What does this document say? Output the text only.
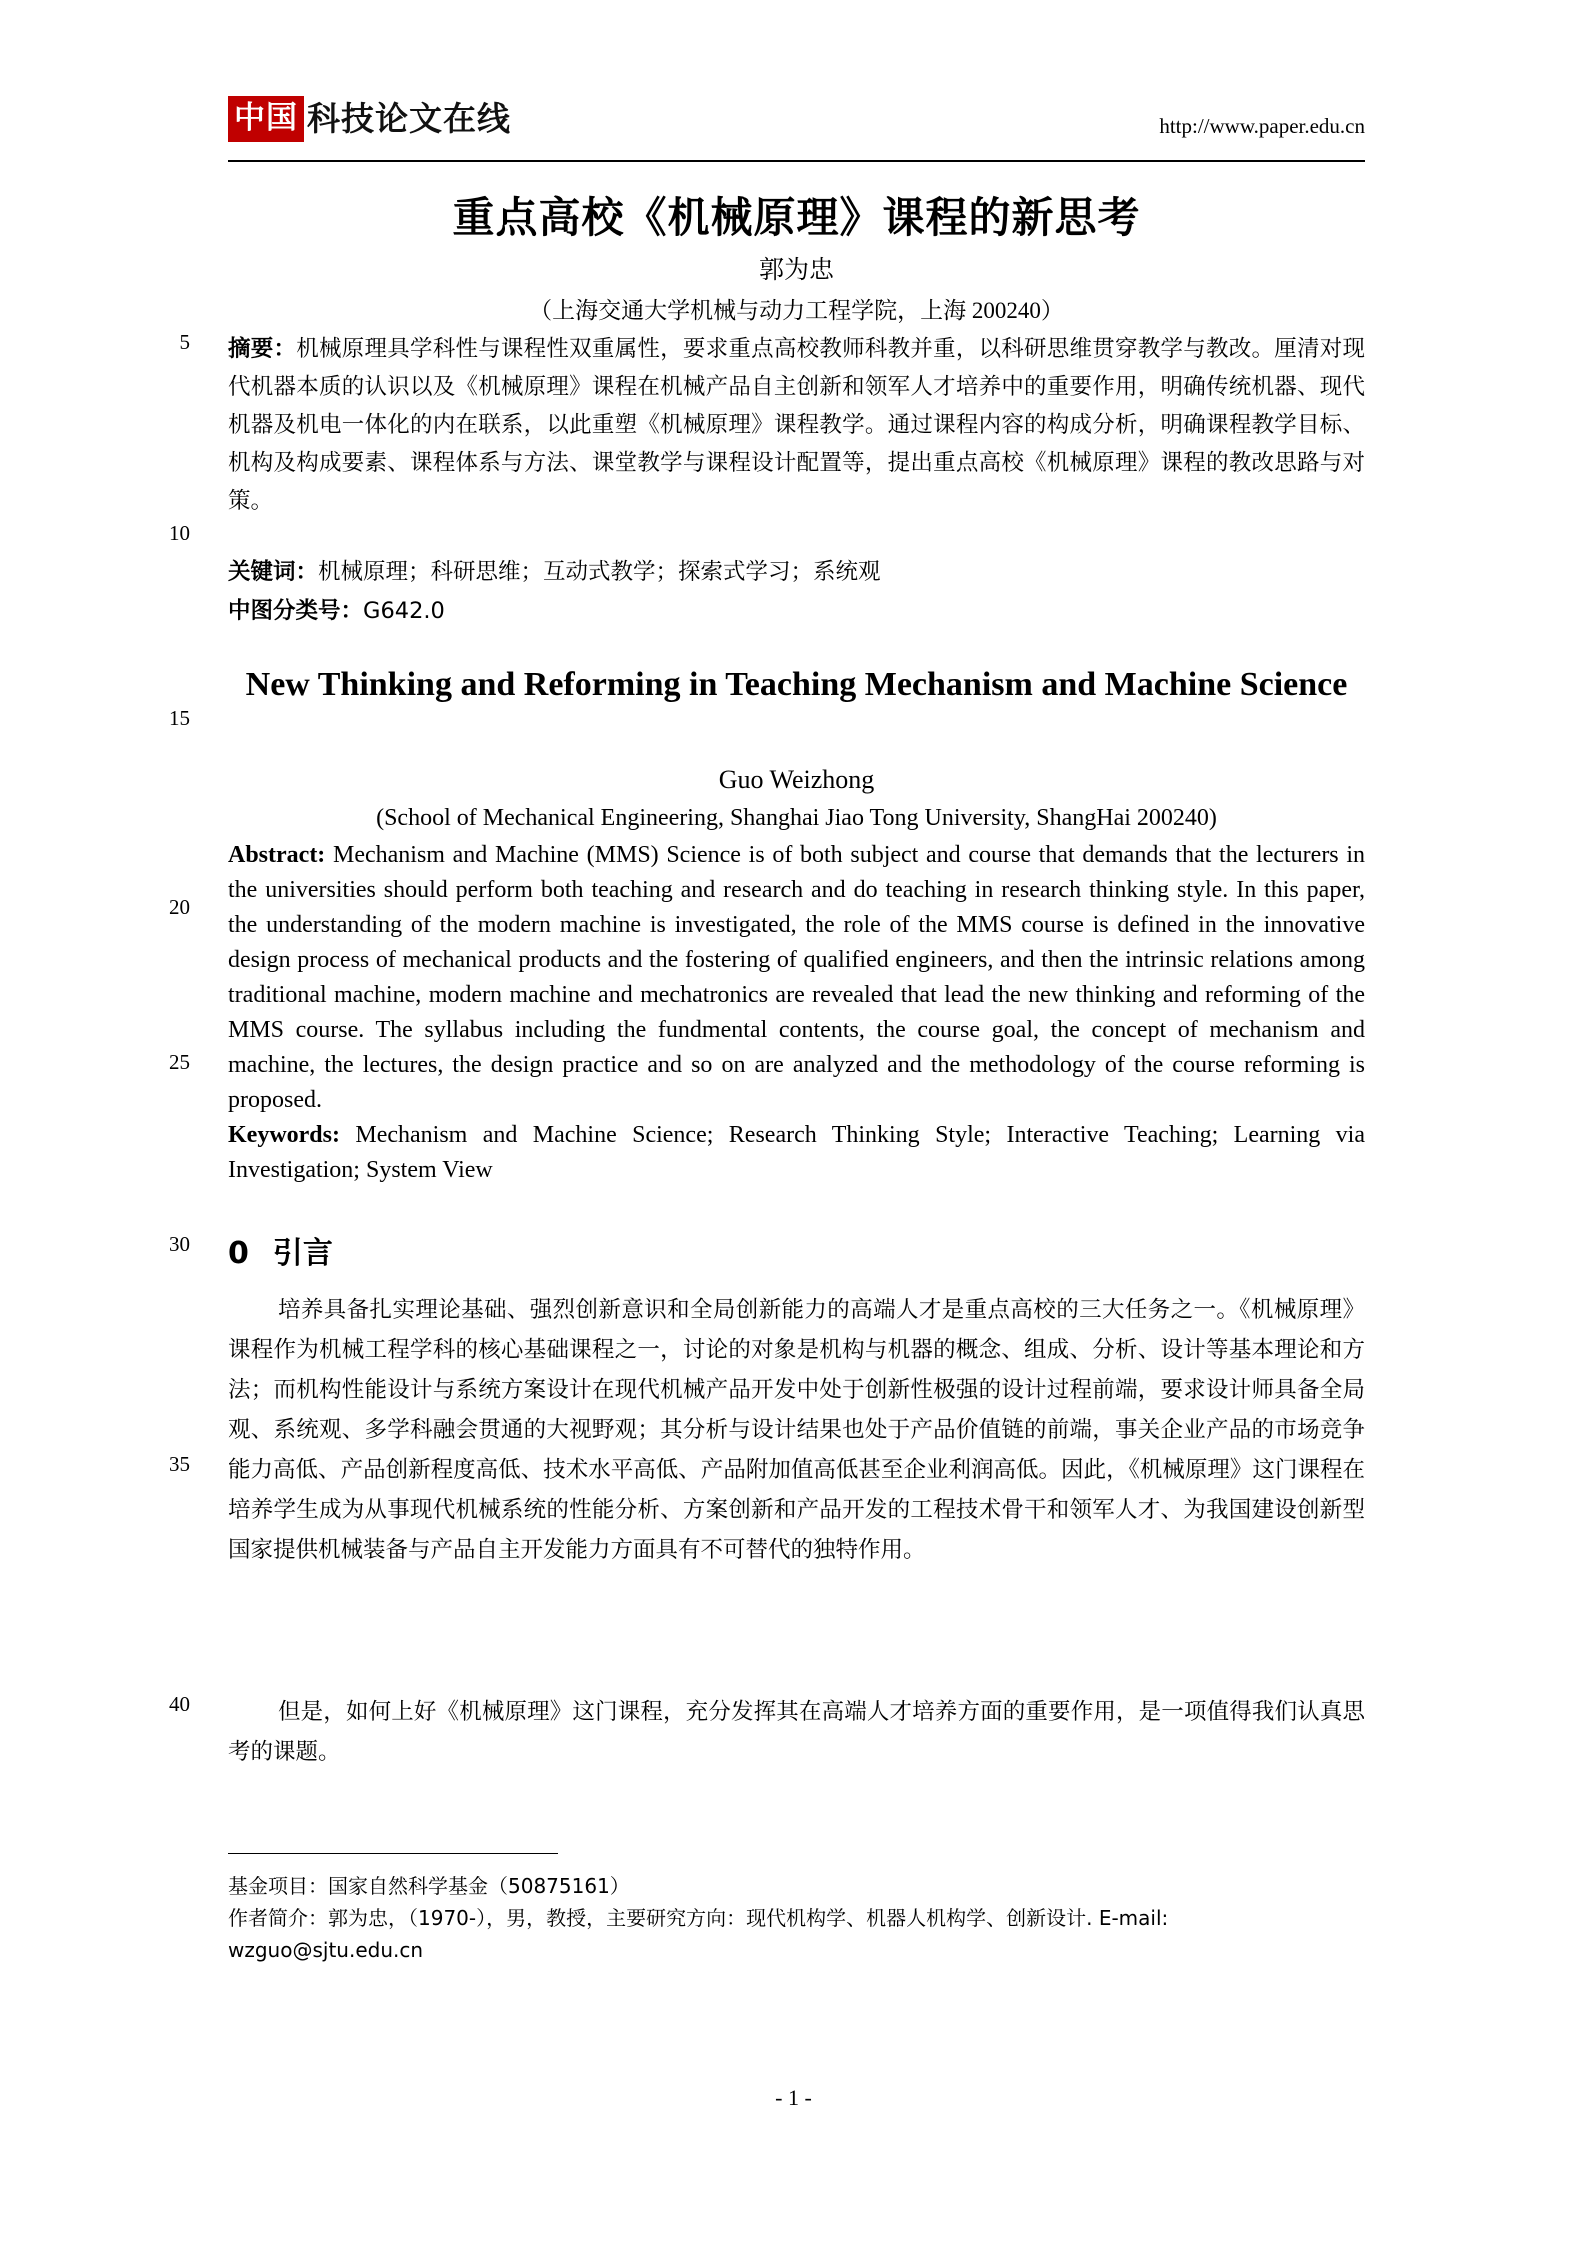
中国 科技论文在线	http://www.paper.edu.cn
重点高校《机械原理》课程的新思考
郭为忠
（上海交通大学机械与动力工程学院，上海 200240）
5
10
15
20
25
30
35
40
摘要：机械原理具学科性与课程性双重属性，要求重点高校教师科教并重，以科研思维贯穿教学与教改。厘清对现代机器本质的认识以及《机械原理》课程在机械产品自主创新和领军人才培养中的重要作用，明确传统机器、现代机器及机电一体化的内在联系，以此重塑《机械原理》课程教学。通过课程内容的构成分析，明确课程教学目标、机构及构成要素、课程体系与方法、课堂教学与课程设计配置等，提出重点高校《机械原理》课程的教改思路与对策。
关键词：机械原理；科研思维；互动式教学；探索式学习；系统观
中图分类号：G642.0
New Thinking and Reforming in Teaching Mechanism and Machine Science
Guo Weizhong
(School of Mechanical Engineering, Shanghai Jiao Tong University, ShangHai 200240)
Abstract: Mechanism and Machine (MMS) Science is of both subject and course that demands that the lecturers in the universities should perform both teaching and research and do teaching in research thinking style. In this paper, the understanding of the modern machine is investigated, the role of the MMS course is defined in the innovative design process of mechanical products and the fostering of qualified engineers, and then the intrinsic relations among traditional machine, modern machine and mechatronics are revealed that lead the new thinking and reforming of the MMS course. The syllabus including the fundmental contents, the course goal, the concept of mechanism and machine, the lectures, the design practice and so on are analyzed and the methodology of the course reforming is proposed.
Keywords: Mechanism and Machine Science; Research Thinking Style; Interactive Teaching; Learning via Investigation; System View
0 引言
培养具备扎实理论基础、强烈创新意识和全局创新能力的高端人才是重点高校的三大任务之一。《机械原理》课程作为机械工程学科的核心基础课程之一，讨论的对象是机构与机器的概念、组成、分析、设计等基本理论和方法；而机构性能设计与系统方案设计在现代机械产品开发中处于创新性极强的设计过程前端，要求设计师具备全局观、系统观、多学科融会贯通的大视野观；其分析与设计结果也处于产品价值链的前端，事关企业产品的市场竞争能力高低、产品创新程度高低、技术水平高低、产品附加值高低甚至企业利润高低。因此，《机械原理》这门课程在培养学生成为从事现代机械系统的性能分析、方案创新和产品开发的工程技术骨干和领军人才、为我国建设创新型国家提供机械装备与产品自主开发能力方面具有不可替代的独特作用。
但是，如何上好《机械原理》这门课程，充分发挥其在高端人才培养方面的重要作用，是一项值得我们认真思考的课题。
基金项目：国家自然科学基金（50875161）
作者简介：郭为忠，（1970-），男，教授，主要研究方向：现代机构学、机器人机构学、创新设计. E-mail: wzguo@sjtu.edu.cn
- 1 -
